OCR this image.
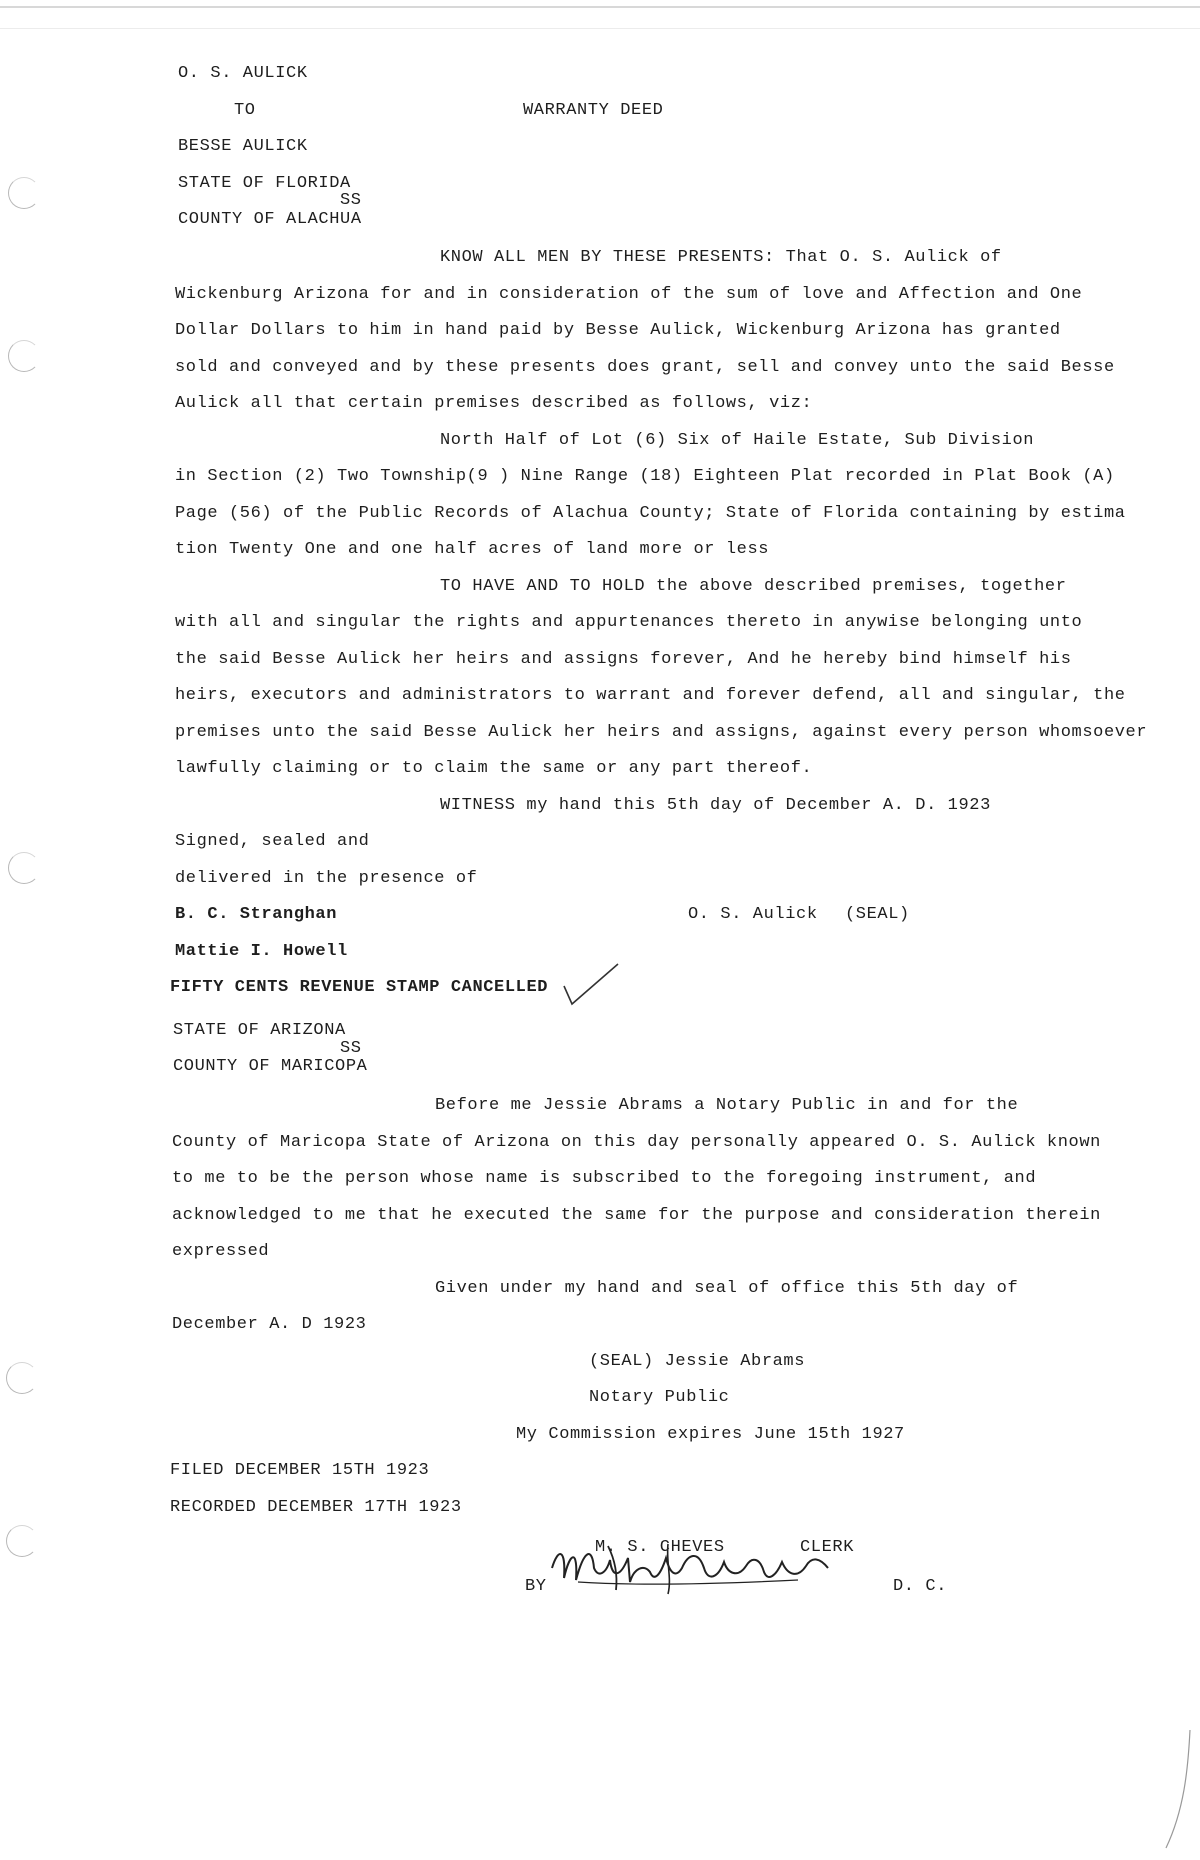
O. S. AULICK
TO	WARRANTY DEED
BESSE AULICK
STATE OF FLORIDA
SS
COUNTY OF ALACHUA
KNOW ALL MEN BY THESE PRESENTS: That O. S. Aulick of
Wickenburg Arizona for and in consideration of the sum of love and Affection and One
Dollar Dollars to him in hand paid by Besse Aulick, Wickenburg Arizona has granted
sold and conveyed and by these presents does grant, sell and convey unto the said Besse
Aulick all that certain premises described as follows, viz:
North Half of Lot (6) Six of Haile Estate, Sub Division
in Section (2) Two Township(9 ) Nine Range (18) Eighteen Plat recorded in Plat Book (A)
Page (56) of the Public Records of Alachua County; State of Florida containing by estima
tion Twenty One and one half acres of land more or less
TO HAVE AND TO HOLD the above described premises, together
with all and singular the rights and appurtenances thereto in anywise belonging unto
the said Besse Aulick her heirs and assigns forever, And he hereby bind himself his
heirs, executors and administrators to warrant and forever defend, all and singular, the
premises unto the said Besse Aulick her heirs and assigns, against every person whomsoever
lawfully claiming or to claim the same or any part thereof.
WITNESS my hand this 5th day of December A. D. 1923
Signed, sealed and
delivered in the presence of
B. C. Stranghan	O. S. Aulick (SEAL)
Mattie I. Howell
FIFTY CENTS REVENUE STAMP CANCELLED
STATE OF ARIZONA
SS
COUNTY OF MARICOPA
Before me Jessie Abrams a Notary Public in and for the
County of Maricopa State of Arizona on this day personally appeared O. S. Aulick known
to me to be the person whose name is subscribed to the foregoing instrument, and
acknowledged to me that he executed the same for the purpose and consideration therein
expressed
Given under my hand and seal of office this 5th day of
December A. D 1923
(SEAL) Jessie Abrams
Notary Public
My Commission expires June 15th 1927
FILED DECEMBER 15TH 1923
RECORDED DECEMBER 17TH 1923
M. S. CHEVES	CLERK
BY	D. C.
